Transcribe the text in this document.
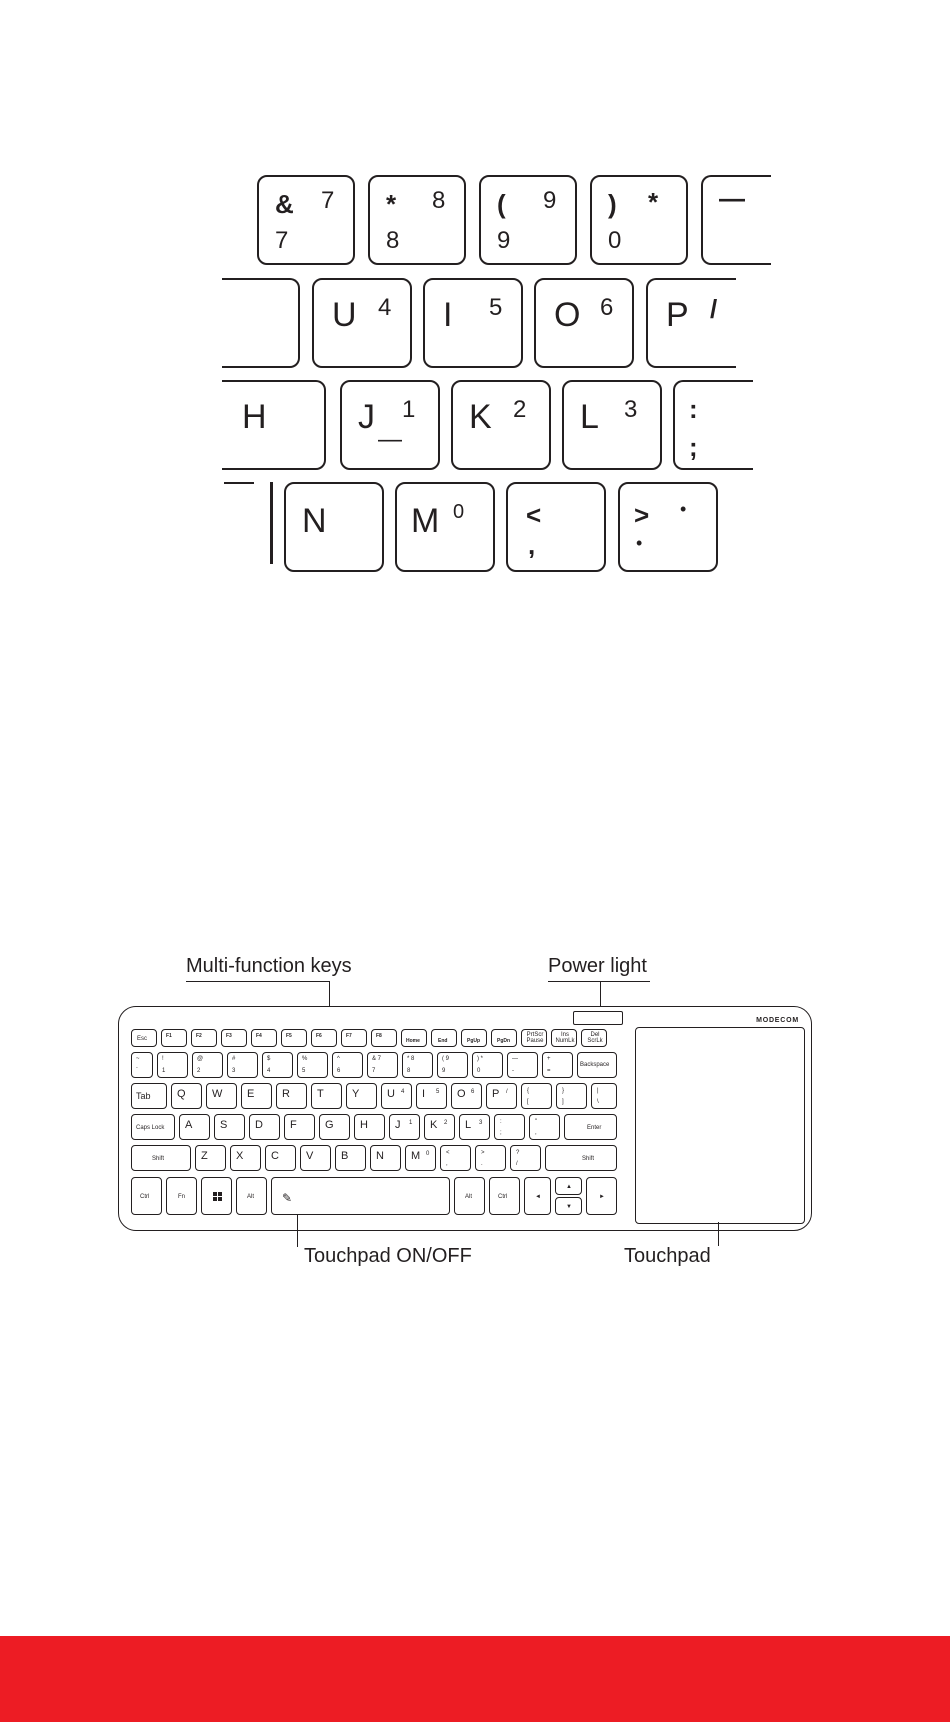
& 7
7
* 8
8
( 9
9
) *
0
—
U 4 I 5 O 6 P /
H	J 1
—
K 2 L 3 :
;
N M 0 <
,
> •
•
Multi-function keys	Power light
MODECOM
Esc	F1	F2	F3	F4	F5	F6	F7	F8
Home	End	PgUp	PgDn
PrtScr Pause
Ins NumLk
Del ScrLk
~
`
!
1
@
2
#
3
$
4
%
5
^
6
& 7
7
* 8
8
( 9
9
) *
0
—
-
+
=
Backspace
Tab Q W E	R T	Y	U 4 I 5 O 6 P /	{
[
}
]
|
\
Caps Lock A	S	D F	G H J 1 K 2 L 3	:
;
"
,
Enter
Shift	Z	X	C V	B	N M 0	<
,
>
.
?
/
Shift
Ctrl	Fn	Alt ✎	Alt	Ctrl	◄
▲
▼
►
Touchpad ON/OFF	Touchpad
